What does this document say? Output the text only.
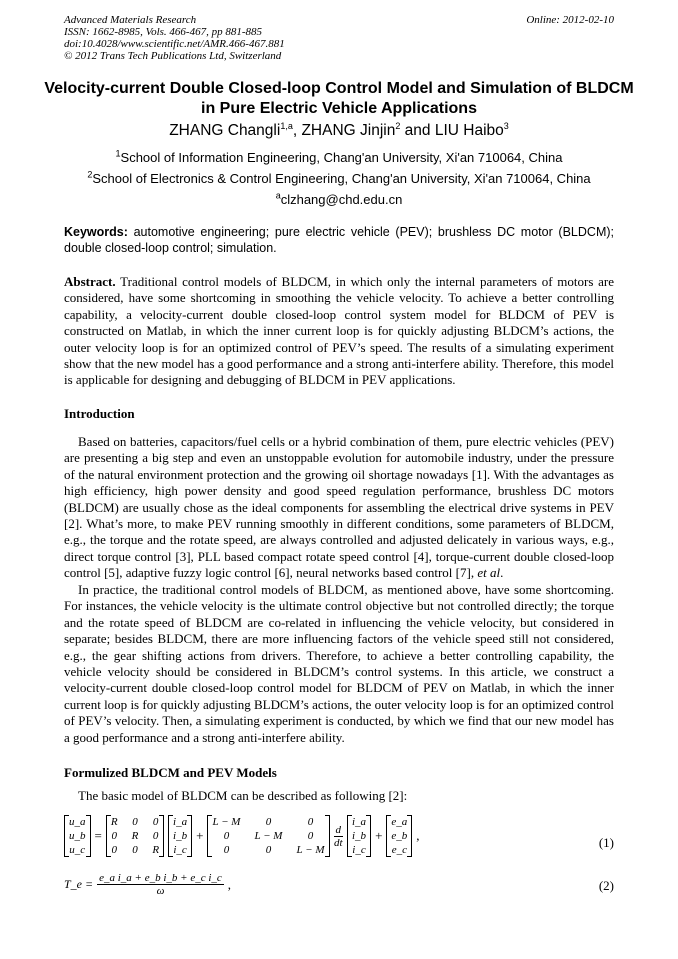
Advanced Materials Research
ISSN: 1662-8985, Vols. 466-467, pp 881-885
doi:10.4028/www.scientific.net/AMR.466-467.881
© 2012 Trans Tech Publications Ltd, Switzerland
Online: 2012-02-10
Velocity-current Double Closed-loop Control Model and Simulation of BLDCM in Pure Electric Vehicle Applications
ZHANG Changli$^{1,a}$, ZHANG Jinjin$^2$ and LIU Haibo$^3$
$^1$School of Information Engineering, Chang'an University, Xi'an 710064, China
$^2$School of Electronics & Control Engineering, Chang'an University, Xi'an 710064, China
$^a$clzhang@chd.edu.cn
Keywords: automotive engineering; pure electric vehicle (PEV); brushless DC motor (BLDCM); double closed-loop control; simulation.
Abstract. Traditional control models of BLDCM, in which only the internal parameters of motors are considered, have some shortcoming in smoothing the vehicle velocity. To achieve a better controlling capability, a velocity-current double closed-loop control system model for BLDCM of PEV is constructed on Matlab, in which the inner current loop is for quickly adjusting BLDCM’s actions, the outer velocity loop is for an optimized control of PEV’s speed. The results of a simulating experiment show that the new model has a good performance and a strong anti-interfere ability. Therefore, this model is applicable for designing and debugging of BLDCM in PEV applications.
Introduction
Based on batteries, capacitors/fuel cells or a hybrid combination of them, pure electric vehicles (PEV) are presenting a big step and even an unstoppable evolution for automobile industry, under the pressure of the natural environment protection and the growing oil shortage nowadays [1]. With the advantages as high efficiency, high power density and good speed regulation performance, brushless DC motors (BLDCM) are usually chose as the ideal components for assembling the electrical drive systems in PEV [2]. What’s more, to make PEV running smoothly in different conditions, some parameters of BLDCM, e.g., the torque and the rotate speed, are always controlled and adjusted delicately in various ways, e.g., direct torque control [3], PLL based compact rotate speed control [4], torque-current double closed-loop control [5], adaptive fuzzy logic control [6], neural networks based control [7], et al.
In practice, the traditional control models of BLDCM, as mentioned above, have some shortcoming. For instances, the vehicle velocity is the ultimate control objective but not controlled directly; the torque and the rotate speed of BLDCM are co-related in influencing the vehicle velocity, but considered in separate; besides BLDCM, there are more influencing factors of the vehicle speed still not considered, e.g., the gear shifting actions from drivers. Therefore, to achieve a better controlling capability, the vehicle velocity should be considered in BLDCM’s control systems. In this article, we construct a velocity-current double closed-loop control model for BLDCM of PEV on Matlab, in which the inner current loop is for quickly adjusting BLDCM’s actions, the outer velocity loop is for an optimized control of PEV’s velocity. Then, a simulating experiment is conducted, by which we find that our new model has a good performance and a strong anti-interfere ability.
Formulized BLDCM and PEV Models
The basic model of BLDCM can be described as following [2]:
u_a
u_b
u_c
=
R 0 0
0 R 0
0 0 R
i_a
i_b
i_c
+
L − M	0	0
0	L − M	0
0	0	L − M
$\frac{d}{dt}$
i_a
i_b
i_c
+
e_a
e_b
e_c
,	(1)
T_e = $\frac{\text{e\_a i\_a + e\_b i\_b + e\_c i\_c}}{\omega}$ ,	(2)
